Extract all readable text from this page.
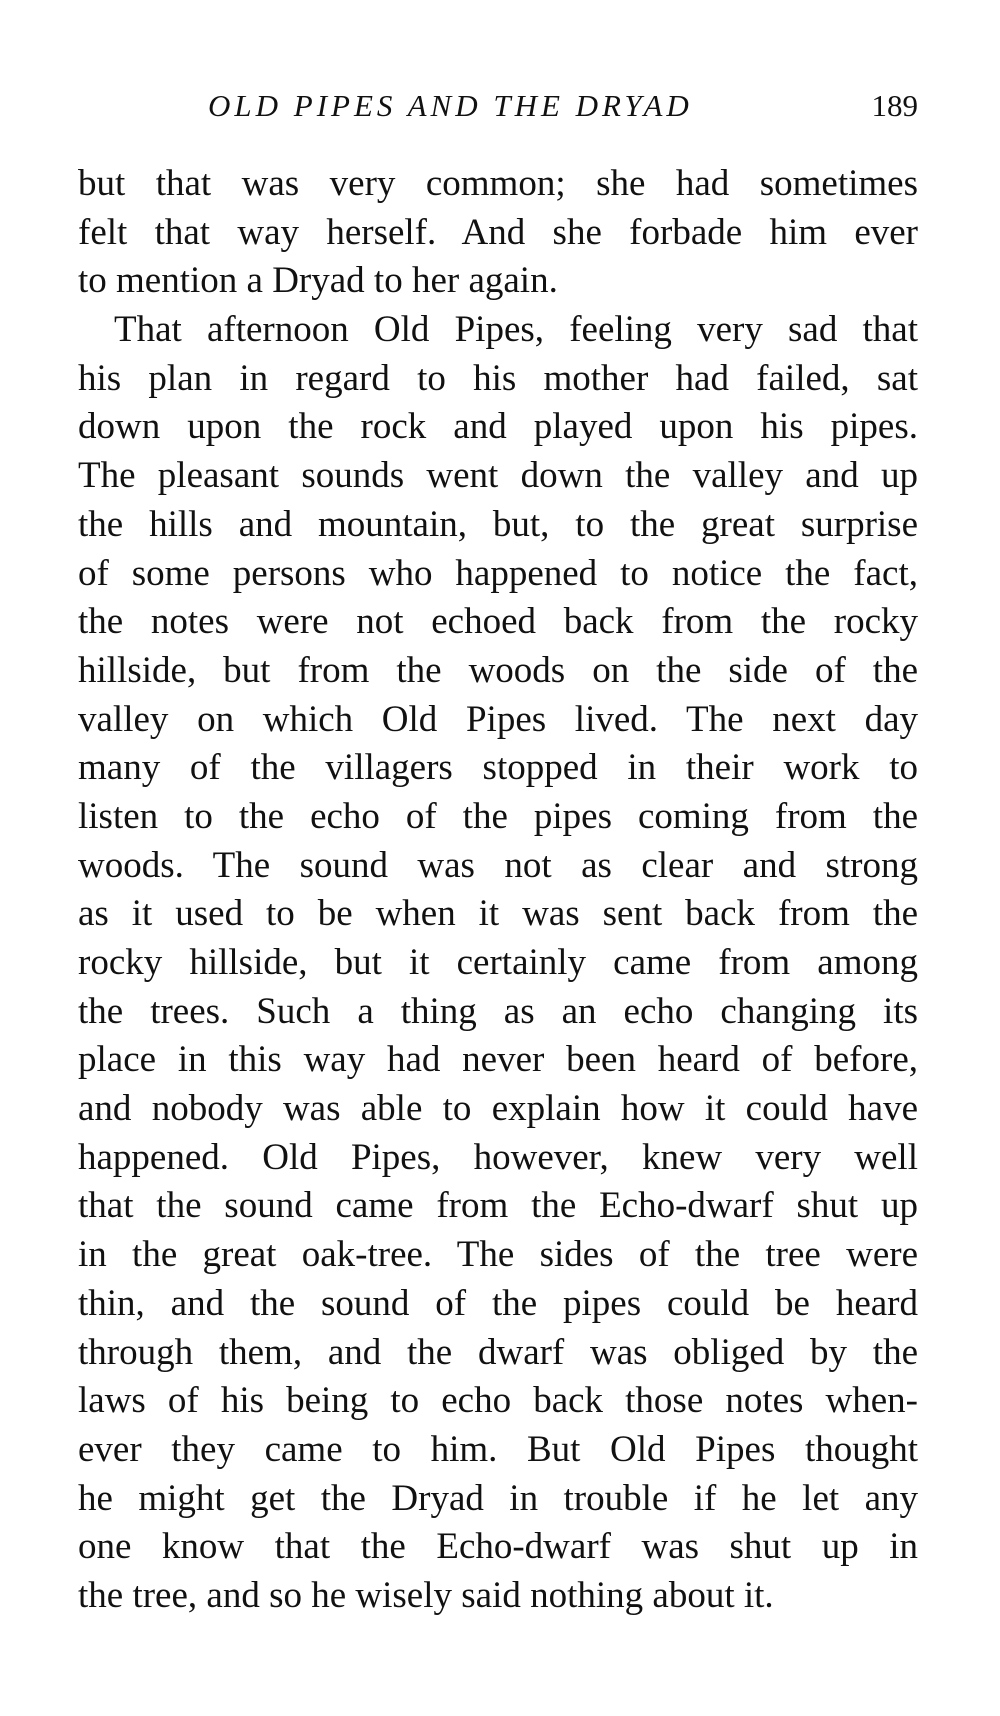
OLD PIPES AND THE DRYAD	189
but that was very common; she had sometimes
felt that way herself. And she forbade him ever
to mention a Dryad to her again.
That afternoon Old Pipes, feeling very sad that
his plan in regard to his mother had failed, sat
down upon the rock and played upon his pipes.
The pleasant sounds went down the valley and up
the hills and mountain, but, to the great surprise
of some persons who happened to notice the fact,
the notes were not echoed back from the rocky
hillside, but from the woods on the side of the
valley on which Old Pipes lived. The next day
many of the villagers stopped in their work to
listen to the echo of the pipes coming from the
woods. The sound was not as clear and strong
as it used to be when it was sent back from the
rocky hillside, but it certainly came from among
the trees. Such a thing as an echo changing its
place in this way had never been heard of before,
and nobody was able to explain how it could have
happened. Old Pipes, however, knew very well
that the sound came from the Echo-dwarf shut up
in the great oak-tree. The sides of the tree were
thin, and the sound of the pipes could be heard
through them, and the dwarf was obliged by the
laws of his being to echo back those notes when-
ever they came to him. But Old Pipes thought
he might get the Dryad in trouble if he let any
one know that the Echo-dwarf was shut up in
the tree, and so he wisely said nothing about it.
